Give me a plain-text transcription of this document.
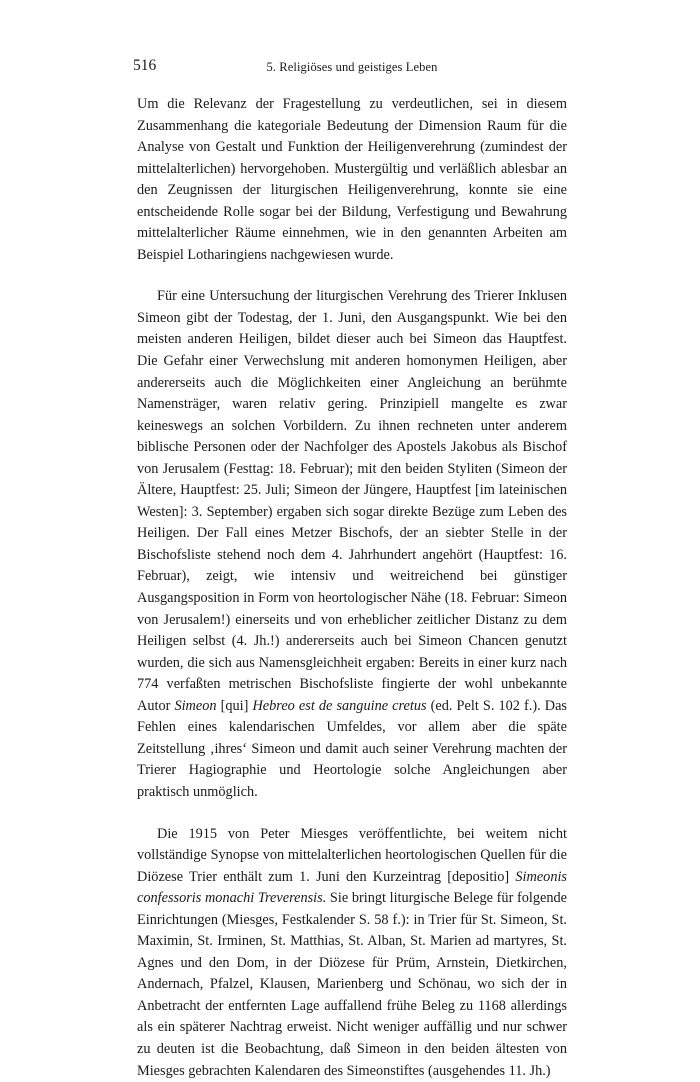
516	5. Religiöses und geistiges Leben

Um die Relevanz der Fragestellung zu verdeutlichen, sei in diesem Zusammenhang die kategoriale Bedeutung der Dimension Raum für die Analyse von Gestalt und Funktion der Heiligenverehrung (zumindest der mittelalterlichen) hervorgehoben. Mustergültig und verläßlich ablesbar an den Zeugnissen der liturgischen Heiligenverehrung, konnte sie eine entscheidende Rolle sogar bei der Bildung, Verfestigung und Bewahrung mittelalterlicher Räume einnehmen, wie in den genannten Arbeiten am Beispiel Lotharingiens nachgewiesen wurde.

Für eine Untersuchung der liturgischen Verehrung des Trierer Inklusen Simeon gibt der Todestag, der 1. Juni, den Ausgangspunkt. Wie bei den meisten anderen Heiligen, bildet dieser auch bei Simeon das Hauptfest. Die Gefahr einer Verwechslung mit anderen homonymen Heiligen, aber andererseits auch die Möglichkeiten einer Angleichung an berühmte Namensträger, waren relativ gering. Prinzipiell mangelte es zwar keineswegs an solchen Vorbildern. Zu ihnen rechneten unter anderem biblische Personen oder der Nachfolger des Apostels Jakobus als Bischof von Jerusalem (Festtag: 18. Februar); mit den beiden Styliten (Simeon der Ältere, Hauptfest: 25. Juli; Simeon der Jüngere, Hauptfest [im lateinischen Westen]: 3. September) ergaben sich sogar direkte Bezüge zum Leben des Heiligen. Der Fall eines Metzer Bischofs, der an siebter Stelle in der Bischofsliste stehend noch dem 4. Jahrhundert angehört (Hauptfest: 16. Februar), zeigt, wie intensiv und weitreichend bei günstiger Ausgangsposition in Form von heortologischer Nähe (18. Februar: Simeon von Jerusalem!) einerseits und von erheblicher zeitlicher Distanz zu dem Heiligen selbst (4. Jh.!) andererseits auch bei Simeon Chancen genutzt wurden, die sich aus Namensgleichheit ergaben: Bereits in einer kurz nach 774 verfaßten metrischen Bischofsliste fingierte der wohl unbekannte Autor Simeon [qui] Hebreo est de sanguine cretus (ed. Pelt S. 102 f.). Das Fehlen eines kalendarischen Umfeldes, vor allem aber die späte Zeitstellung ‚ihres‘ Simeon und damit auch seiner Verehrung machten der Trierer Hagiographie und Heortologie solche Angleichungen aber praktisch unmöglich.

Die 1915 von Peter Miesges veröffentlichte, bei weitem nicht vollständige Synopse von mittelalterlichen heortologischen Quellen für die Diözese Trier enthält zum 1. Juni den Kurzeintrag [depositio] Simeonis confessoris monachi Treverensis. Sie bringt liturgische Belege für folgende Einrichtungen (Miesges, Festkalender S. 58 f.): in Trier für St. Simeon, St. Maximin, St. Irminen, St. Matthias, St. Alban, St. Marien ad martyres, St. Agnes und den Dom, in der Diözese für Prüm, Arnstein, Dietkirchen, Andernach, Pfalzel, Klausen, Marienberg und Schönau, wo sich der in Anbetracht der entfernten Lage auffallend frühe Beleg zu 1168 allerdings als ein späterer Nachtrag erweist. Nicht weniger auffällig und nur schwer zu deuten ist die Beobachtung, daß Simeon in den beiden ältesten von Miesges gebrachten Kalendaren des Simeonstiftes (ausgehendes 11. Jh.)
